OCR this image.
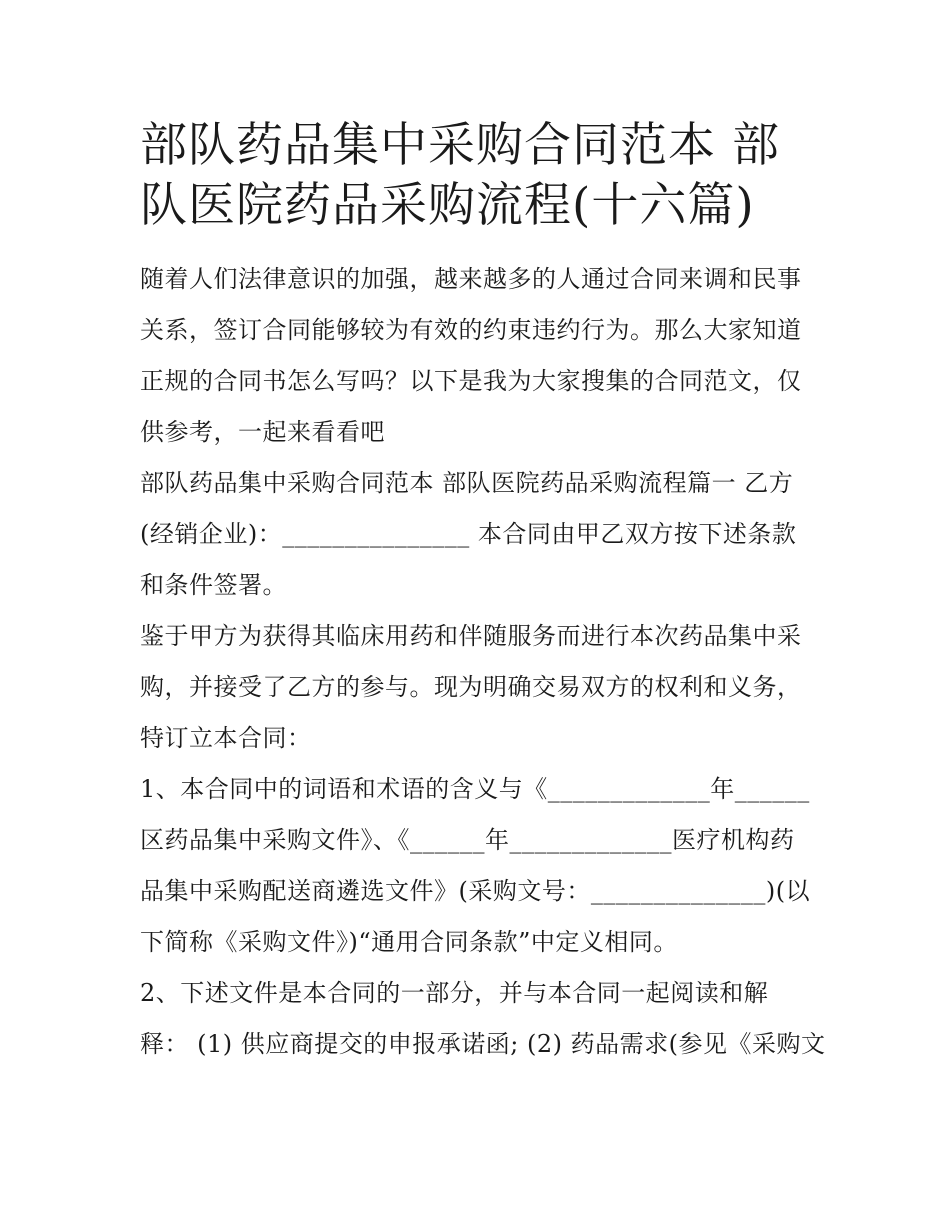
部队药品集中采购合同范本 部
队医院药品采购流程(十六篇)
随着人们法律意识的加强，越来越多的人通过合同来调和民事
关系，签订合同能够较为有效的约束违约行为。那么大家知道
正规的合同书怎么写吗？以下是我为大家搜集的合同范文，仅
供参考，一起来看看吧
部队药品集中采购合同范本 部队医院药品采购流程篇一 乙方
(经销企业)：_______________ 本合同由甲乙双方按下述条款
和条件签署。
鉴于甲方为获得其临床用药和伴随服务而进行本次药品集中采
购，并接受了乙方的参与。现为明确交易双方的权利和义务，
特订立本合同：
1、本合同中的词语和术语的含义与《_____________年______
区药品集中采购文件》、《______年_____________医疗机构药
品集中采购配送商遴选文件》(采购文号：______________)(以
下简称《采购文件》)“通用合同条款”中定义相同。
2、下述文件是本合同的一部分，并与本合同一起阅读和解
释： (1) 供应商提交的申报承诺函; (2) 药品需求(参见《采购文
